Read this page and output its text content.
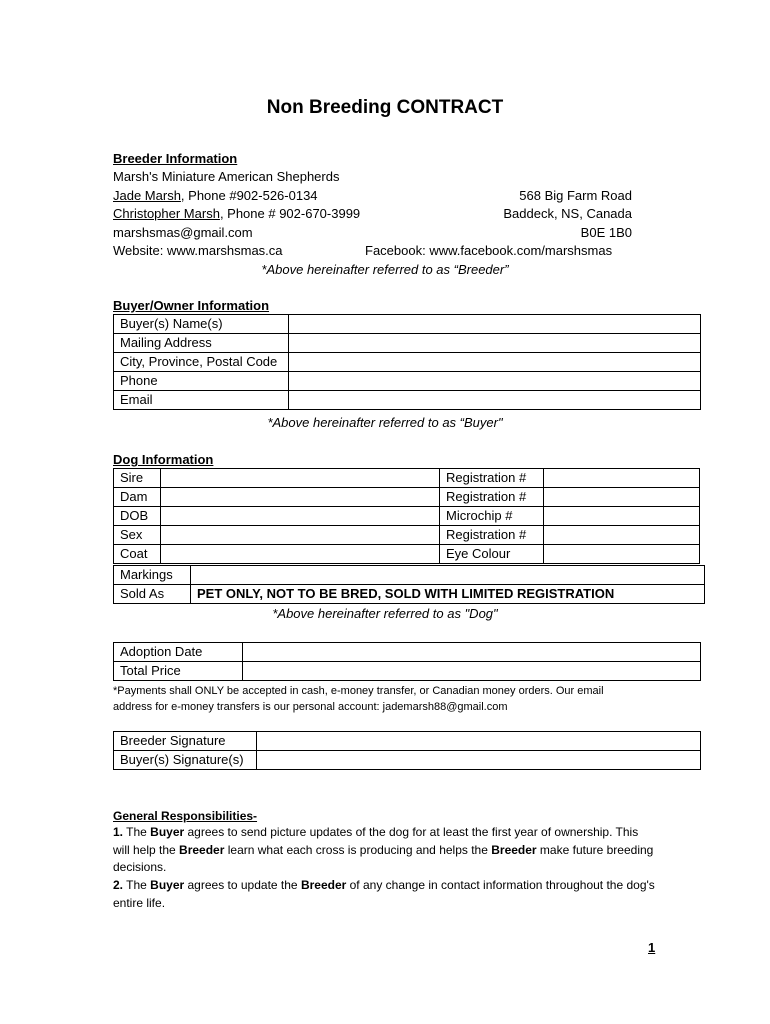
Non Breeding CONTRACT
Breeder Information
Marsh's Miniature American Shepherds
Jade Marsh, Phone #902-526-0134
Christopher Marsh, Phone # 902-670-3999
marshsmas@gmail.com
Website: www.marshsmas.ca
568 Big Farm Road
Baddeck, NS, Canada
B0E 1B0
Facebook: www.facebook.com/marshsmas
*Above hereinafter referred to as “Breeder”
Buyer/Owner Information
Buyer(s) Name(s)	
Mailing Address	
City, Province, Postal Code	
Phone	
Email	
*Above hereinafter referred to as “Buyer"
Dog Information
Sire		Registration #	
Dam		Registration #	
DOB		Microchip #	
Sex		Registration #	
Coat		Eye Colour	
Markings	
Sold As	PET ONLY, NOT TO BE BRED, SOLD WITH LIMITED REGISTRATION
*Above hereinafter referred to as "Dog"
Adoption Date	
Total Price	
*Payments shall ONLY be accepted in cash, e-money transfer, or Canadian money orders. Our email
address for e-money transfers is our personal account: jademarsh88@gmail.com
Breeder Signature	
Buyer(s) Signature(s)	
General Responsibilities-

1. The Buyer agrees to send picture updates of the dog for at least the first year of ownership. This will help the Breeder learn what each cross is producing and helps the Breeder make future breeding decisions.

2. The Buyer agrees to update the Breeder of any change in contact information throughout the dog's entire life.

1
